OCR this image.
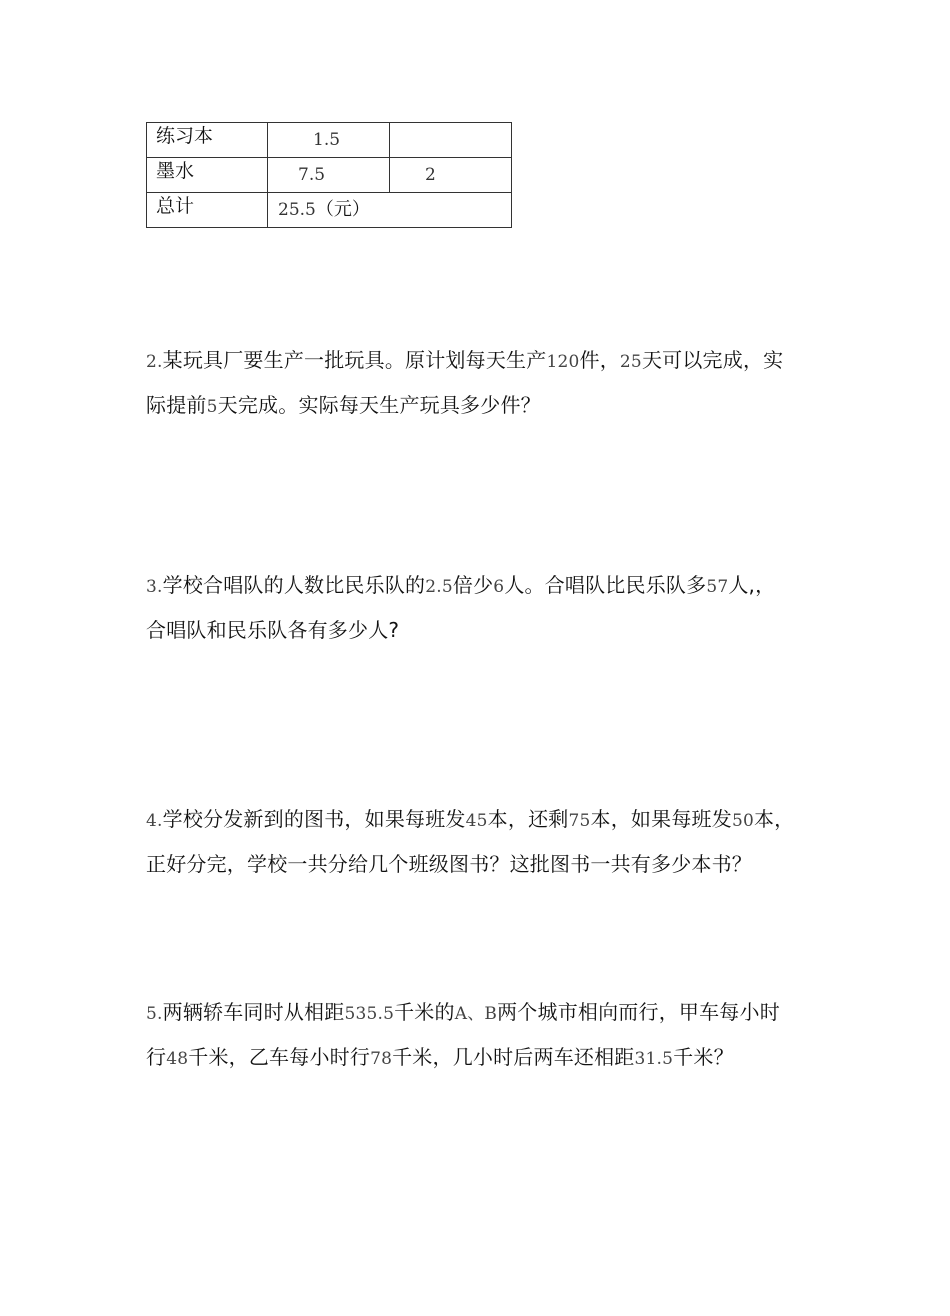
练习本	1.5	
墨水	7.5	2
总计	25.5（元）	
2.某玩具厂要生产一批玩具。原计划每天生产120件，25天可以完成，实
际提前5天完成。实际每天生产玩具多少件？
3.学校合唱队的人数比民乐队的2.5倍少6人。合唱队比民乐队多57人,，
合唱队和民乐队各有多少人?
4.学校分发新到的图书，如果每班发45本，还剩75本，如果每班发50本，
正好分完，学校一共分给几个班级图书？这批图书一共有多少本书？
5.两辆轿车同时从相距535.5千米的A、B两个城市相向而行，甲车每小时
行48千米，乙车每小时行78千米，几小时后两车还相距31.5千米？
